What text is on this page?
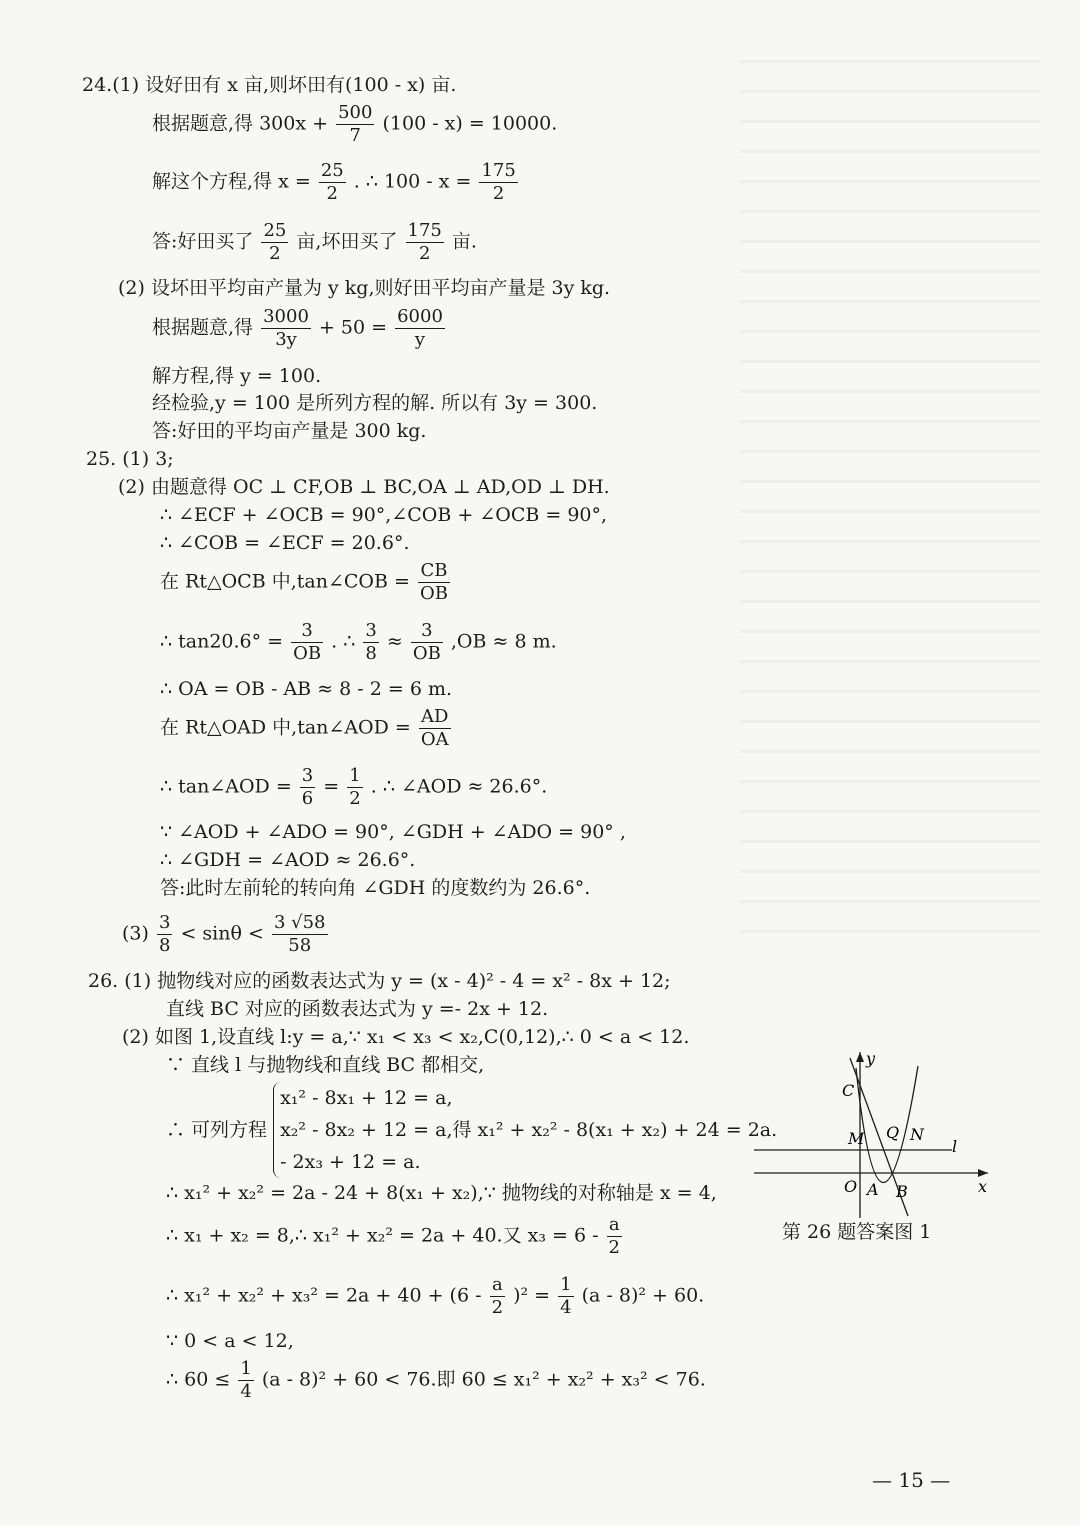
24.(1) 设好田有 x 亩,则坏田有(100 - x) 亩.
根据题意,得 $300x + \frac{500}{7} (100 - x) = 10000$.
解这个方程,得 $x = \frac{25}{2}$ . ∴ $100 - x = \frac{175}{2}$
答:好田买了 $\frac{25}{2}$ 亩,坏田买了 $\frac{175}{2}$ 亩.
(2) 设坏田平均亩产量为 y kg,则好田平均亩产量是 3y kg.
根据题意,得 $\frac{3000}{3y} + 50 = \frac{6000}{y}$
解方程,得 y = 100.
经检验,y = 100 是所列方程的解. 所以有 3y = 300.
答:好田的平均亩产量是 300 kg.
25. (1) 3;
(2) 由题意得 OC ⊥ CF,OB ⊥ BC,OA ⊥ AD,OD ⊥ DH.
∴ ∠ECF + ∠OCB = 90°,∠COB + ∠OCB = 90°,
∴ ∠COB = ∠ECF = 20.6°.
在 Rt△OCB 中,tan∠COB = $\frac{CB}{OB}$
∴ $\tan 20.6^\circ = \frac{3}{OB}$ . ∴ $\frac{3}{8} \approx \frac{3}{OB} ,OB \approx 8$ m.
∴ OA = OB - AB ≈ 8 - 2 = 6 m.
在 Rt△OAD 中,tan∠AOD = $\frac{AD}{OA}$
∴ tan∠AOD = $\frac{3}{6} = \frac{1}{2}$ . ∴ ∠AOD ≈ 26.6°.
∵ ∠AOD + ∠ADO = 90°, ∠GDH + ∠ADO = 90° ,
∴ ∠GDH = ∠AOD ≈ 26.6°.
答:此时左前轮的转向角 ∠GDH 的度数约为 26.6°.
$(3) \frac{3}{8} < \sin\theta < \frac{3 √58}{58}$
26. (1) 抛物线对应的函数表达式为 y = (x - 4)² - 4 = x² - 8x + 12;
直线 BC 对应的函数表达式为 y =- 2x + 12.
(2) 如图 1,设直线 l:y = a,∵ x₁ < x₃ < x₂,C(0,12),∴ 0 < a < 12.
∵ 直线 l 与抛物线和直线 BC 都相交,
∴ 可列方程
x₁² - 8x₁ + 12 = a,
x₂² - 8x₂ + 12 = a,得 x₁² + x₂² - 8(x₁ + x₂) + 24 = 2a.
- 2x₃ + 12 = a.
∴ x₁² + x₂² = 2a - 24 + 8(x₁ + x₂),∵ 抛物线的对称轴是 x = 4,
∴ x₁ + x₂ = 8,∴ x₁² + x₂² = 2a + 40.又 $x_3 = 6 - \frac{a}{2}$
∴ $x_1^2 + x_2^2 + x_3^2 = 2a + 40 + (6 - \frac{a}{2} )^2 = \frac{1}{4} (a - 8)^2 + 60$.
∵ 0 < a < 12,
∴ $60 \le \frac{1}{4} (a - 8)^2 + 60 < 76$.即 60 ≤ x₁² + x₂² + x₃² < 76.
y
x
O A B
C
M Q N
l
第 26 题答案图 1
— 15 —
